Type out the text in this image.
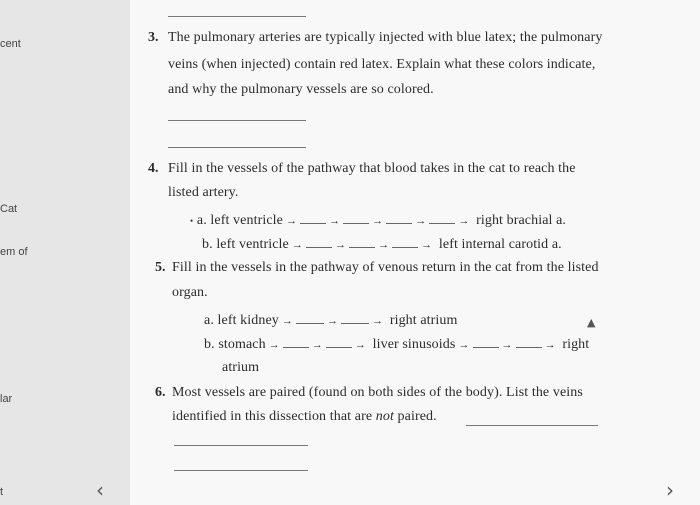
cent
Cat
em of
lar
t
3. The pulmonary arteries are typically injected with blue latex; the pulmonary
veins (when injected) contain red latex. Explain what these colors indicate,
and why the pulmonary vessels are so colored.
4. Fill in the vessels of the pathway that blood takes in the cat to reach the
listed artery.
• a. left ventricle →	→	→	→	→ right brachial a.
b. left ventricle →	→	→	→ left internal carotid a.
5. Fill in the vessels in the pathway of venous return in the cat from the listed
organ.
a. left kidney →	→	→ right atrium
b. stomach →	→	→ liver sinusoids →	→	→ right
atrium
▲
6. Most vessels are paired (found on both sides of the body). List the veins
identified in this dissection that are not paired.
‹	›
